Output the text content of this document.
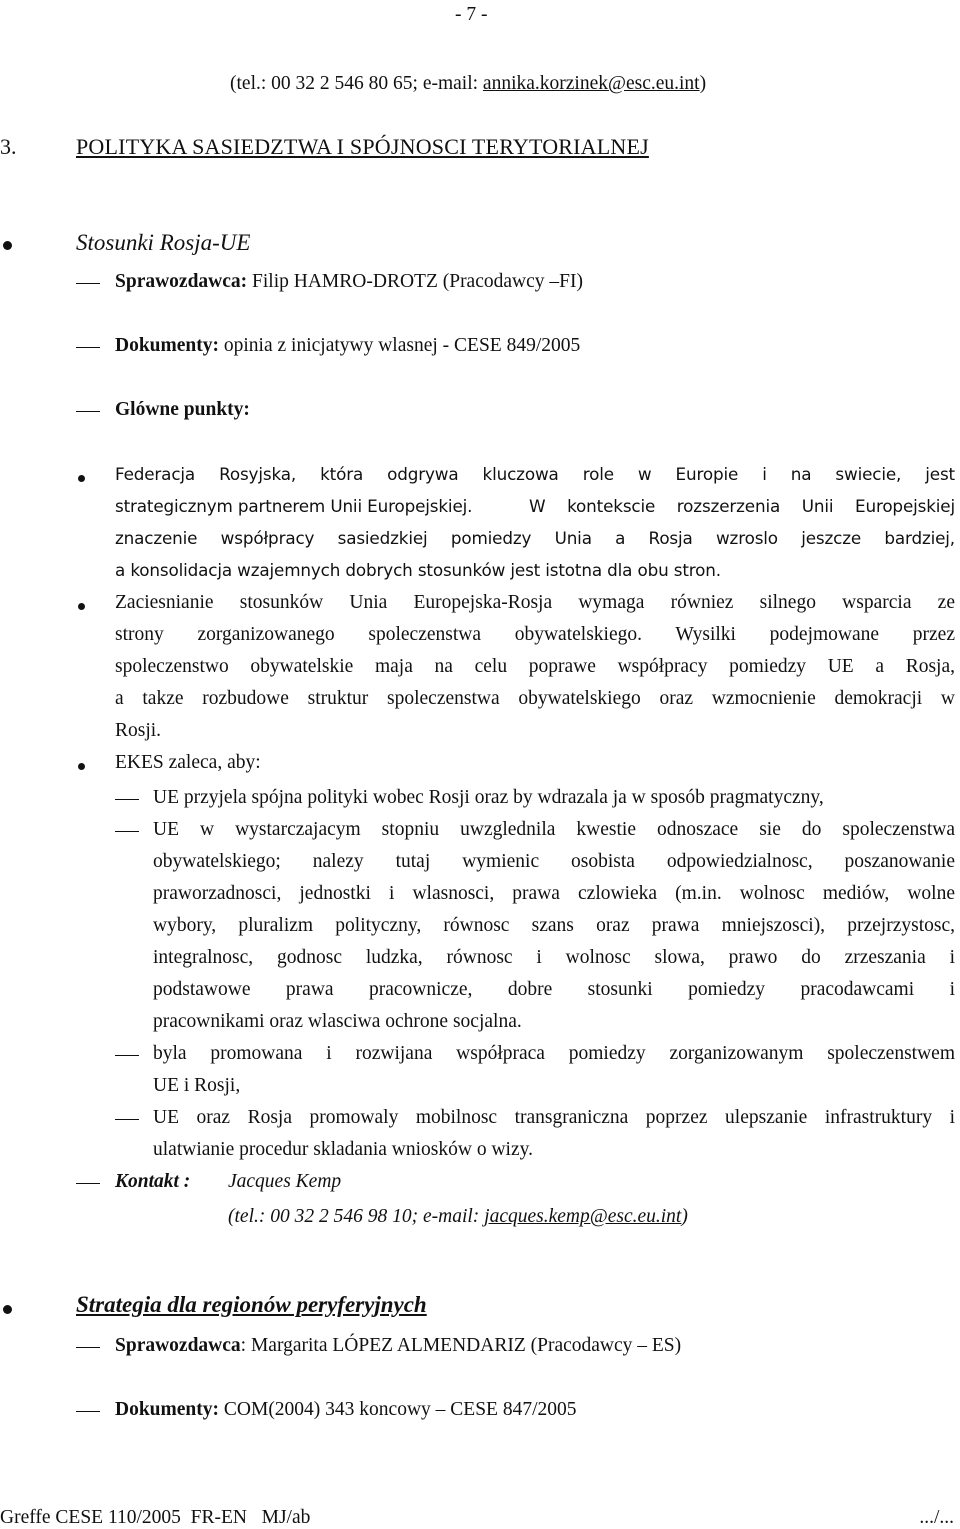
- 7 -
(tel.: 00 32 2 546 80 65; e-mail: annika.korzinek@esc.eu.int)
3.	POLITYKA SASIEDZTWA I SPÓJNOSCI TERYTORIALNEJ
Stosunki Rosja-UE
Sprawozdawca: Filip HAMRO-DROTZ (Pracodawcy –FI)
Dokumenty: opinia z inicjatywy wlasnej - CESE 849/2005
Glówne punkty:
Federacja Rosyjska, która odgrywa kluczowa role w Europie i na swiecie, jest
strategicznym partnerem Unii Europejskiej.	W kontekscie rozszerzenia Unii Europejskiej
znaczenie współpracy sasiedzkiej pomiedzy Unia a Rosja wzroslo jeszcze bardziej,
a konsolidacja wzajemnych dobrych stosunków jest istotna dla obu stron.
Zaciesnianie stosunków Unia Europejska-Rosja wymaga równiez silnego wsparcia ze
strony zorganizowanego spoleczenstwa obywatelskiego. Wysilki podejmowane przez
spoleczenstwo obywatelskie maja na celu poprawe współpracy pomiedzy UE a Rosja,
a takze rozbudowe struktur spoleczenstwa obywatelskiego oraz wzmocnienie demokracji w
Rosji.
EKES zaleca, aby:
UE przyjela spójna polityki wobec Rosji oraz by wdrazala ja w sposób pragmatyczny,
UE w wystarczajacym stopniu uwzglednila kwestie odnoszace sie do spoleczenstwa
obywatelskiego; nalezy tutaj wymienic osobista odpowiedzialnosc, poszanowanie
praworzadnosci, jednostki i wlasnosci, prawa czlowieka (m.in. wolnosc mediów, wolne
wybory, pluralizm polityczny, równosc szans oraz prawa mniejszosci), przejrzystosc,
integralnosc, godnosc ludzka, równosc i wolnosc slowa, prawo do zrzeszania i
podstawowe prawa pracownicze, dobre stosunki pomiedzy pracodawcami i
pracownikami oraz wlasciwa ochrone socjalna.
byla promowana i rozwijana współpraca pomiedzy zorganizowanym spoleczenstwem
UE i Rosji,
UE oraz Rosja promowaly mobilnosc transgraniczna poprzez ulepszanie infrastruktury i
ulatwianie procedur skladania wniosków o wizy.
Kontakt : Jacques Kemp
(tel.: 00 32 2 546 98 10; e-mail: jacques.kemp@esc.eu.int)
Strategia dla regionów peryferyjnych
Sprawozdawca: Margarita LÓPEZ ALMENDARIZ (Pracodawcy – ES)
Dokumenty: COM(2004) 343 koncowy – CESE 847/2005
Greffe CESE 110/2005  FR-EN   MJ/ab	.../...
